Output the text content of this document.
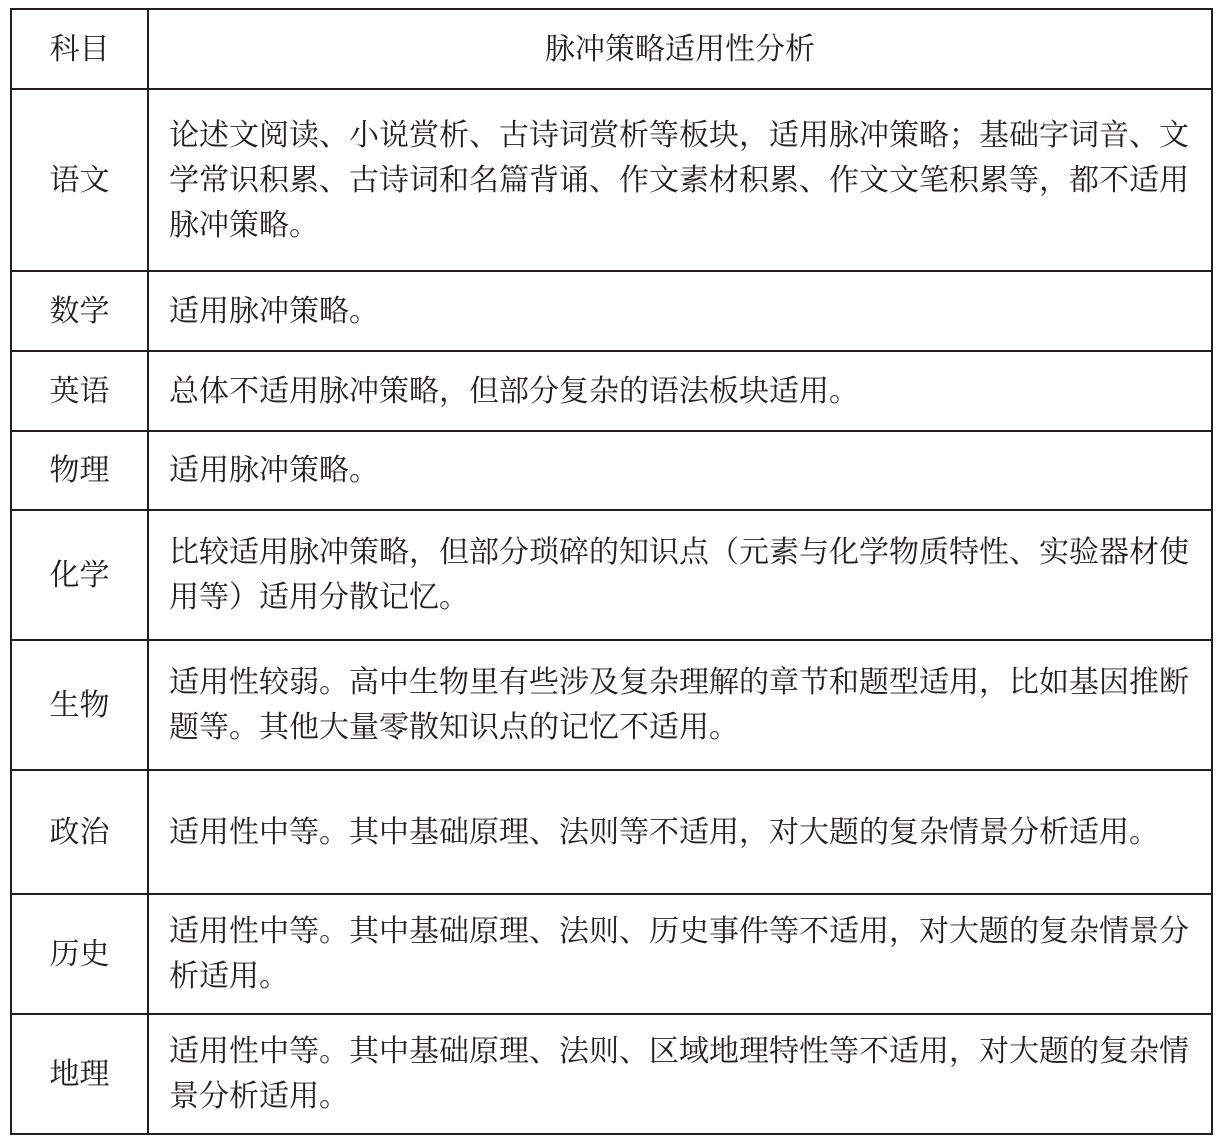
科目	脉冲策略适用性分析
语文	论述文阅读、小说赏析、古诗词赏析等板块，适用脉冲策略；基础字词音、文学常识积累、古诗词和名篇背诵、作文素材积累、作文文笔积累等，都不适用脉冲策略。
数学	适用脉冲策略。
英语	总体不适用脉冲策略，但部分复杂的语法板块适用。
物理	适用脉冲策略。
化学	比较适用脉冲策略，但部分琐碎的知识点（元素与化学物质特性、实验器材使用等）适用分散记忆。
生物	适用性较弱。高中生物里有些涉及复杂理解的章节和题型适用，比如基因推断题等。其他大量零散知识点的记忆不适用。
政治	适用性中等。其中基础原理、法则等不适用，对大题的复杂情景分析适用。
历史	适用性中等。其中基础原理、法则、历史事件等不适用，对大题的复杂情景分析适用。
地理	适用性中等。其中基础原理、法则、区域地理特性等不适用，对大题的复杂情景分析适用。
